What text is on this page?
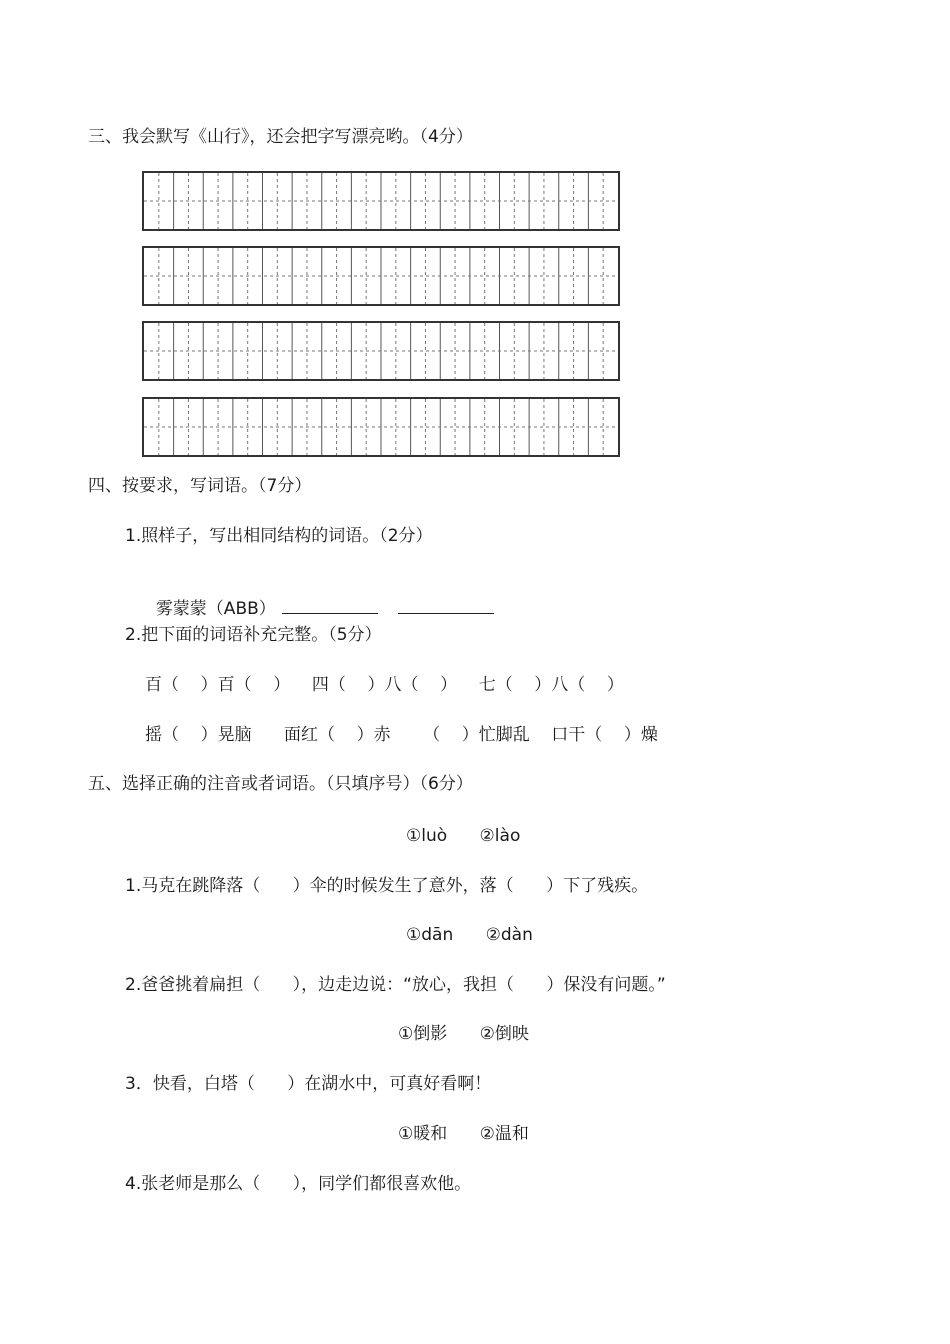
三、我会默写《山行》，还会把字写漂亮哟。（4分）
四、按要求，写词语。（7分）
1.照样子，写出相同结构的词语。（2分）

雾蒙蒙（ABB）

2.把下面的词语补充完整。（5分）
百（    ）百（    ）    四（    ）八（    ）    七（    ）八（    ）
摇（    ）晃脑      面红（    ）赤      （    ）忙脚乱    口干（    ）燥
五、选择正确的注音或者词语。（只填序号）（6分）
①luò      ②lào
1.马克在跳降落（      ）伞的时候发生了意外，落（      ）下了残疾。
①dān      ②dàn
2.爸爸挑着扁担（      ），边走边说：“放心，我担（      ）保没有问题。”
①倒影      ②倒映
3．快看，白塔（      ）在湖水中，可真好看啊！
①暖和      ②温和
4.张老师是那么（      ），同学们都很喜欢他。
